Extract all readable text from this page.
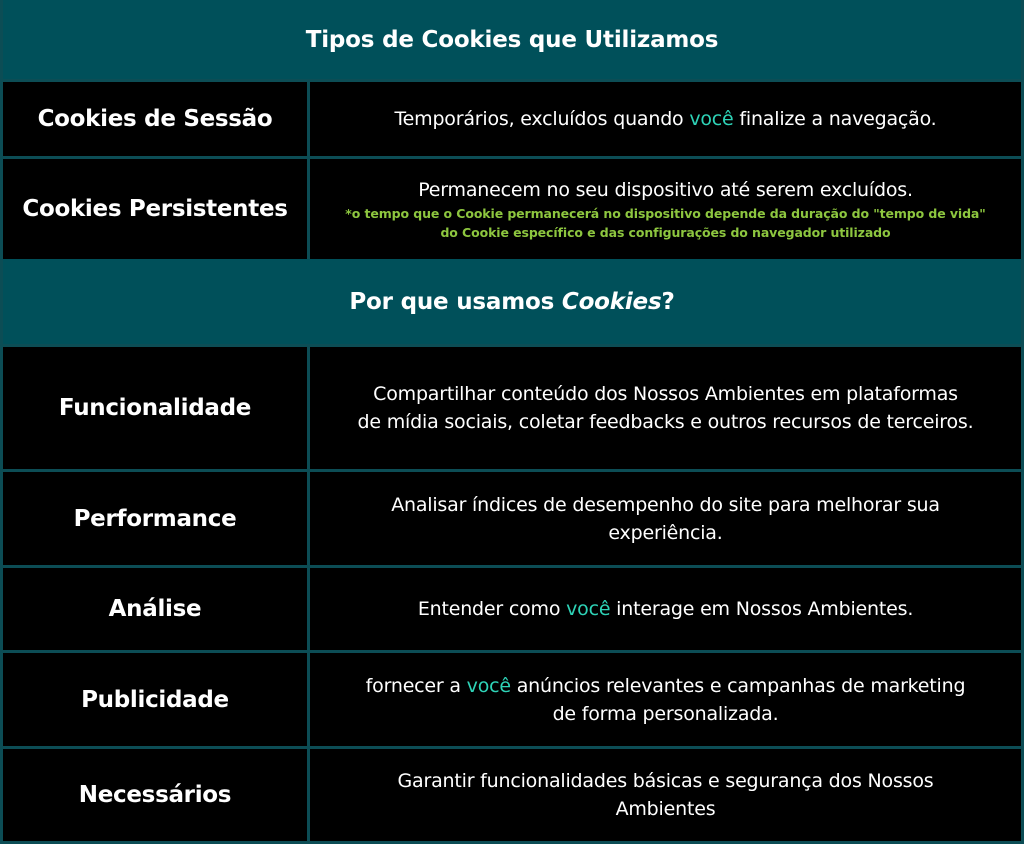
Tipos de Cookies que Utilizamos
Cookies de Sessão	Temporários, excluídos quando você finalize a navegação.
Cookies Persistentes
Permanecem no seu dispositivo até serem excluídos.
*o tempo que o Cookie permanecerá no dispositivo depende da duração do "tempo de vida"
do Cookie específico e das configurações do navegador utilizado
Por que usamos Cookies?
Funcionalidade
Compartilhar conteúdo dos Nossos Ambientes em plataformas
de mídia sociais, coletar feedbacks e outros recursos de terceiros.
Performance
Analisar índices de desempenho do site para melhorar sua
experiência.
Análise	Entender como você interage em Nossos Ambientes.
Publicidade
fornecer a você anúncios relevantes e campanhas de marketing
de forma personalizada.
Necessários
Garantir funcionalidades básicas e segurança dos Nossos
Ambientes
